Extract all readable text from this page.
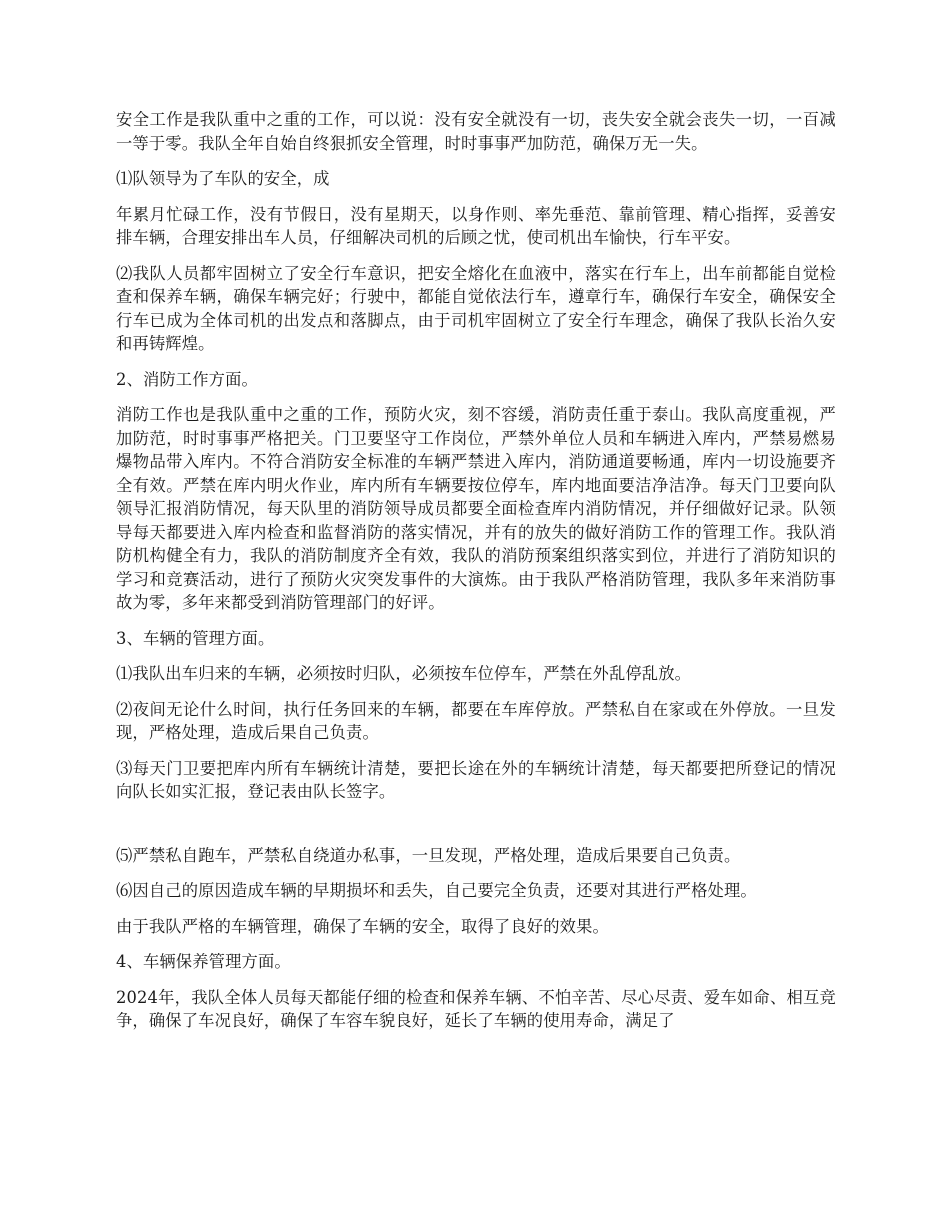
安全工作是我队重中之重的工作，可以说：没有安全就没有一切，丧失安全就会丧失一切，一百减一等于零。我队全年自始自终狠抓安全管理，时时事事严加防范，确保万无一失。

⑴队领导为了车队的安全，成

年累月忙碌工作，没有节假日，没有星期天，以身作则、率先垂范、靠前管理、精心指挥，妥善安排车辆，合理安排出车人员，仔细解决司机的后顾之忧，使司机出车愉快，行车平安。

⑵我队人员都牢固树立了安全行车意识，把安全熔化在血液中，落实在行车上，出车前都能自觉检查和保养车辆，确保车辆完好；行驶中，都能自觉依法行车，遵章行车，确保行车安全，确保安全行车已成为全体司机的出发点和落脚点，由于司机牢固树立了安全行车理念，确保了我队长治久安和再铸辉煌。

2、消防工作方面。

消防工作也是我队重中之重的工作，预防火灾，刻不容缓，消防责任重于泰山。我队高度重视，严加防范，时时事事严格把关。门卫要坚守工作岗位，严禁外单位人员和车辆进入库内，严禁易燃易爆物品带入库内。不符合消防安全标准的车辆严禁进入库内，消防通道要畅通，库内一切设施要齐全有效。严禁在库内明火作业，库内所有车辆要按位停车，库内地面要洁净洁净。每天门卫要向队领导汇报消防情况，每天队里的消防领导成员都要全面检查库内消防情况，并仔细做好记录。队领导每天都要进入库内检查和监督消防的落实情况，并有的放失的做好消防工作的管理工作。我队消防机构健全有力，我队的消防制度齐全有效，我队的消防预案组织落实到位，并进行了消防知识的学习和竞赛活动，进行了预防火灾突发事件的大演炼。由于我队严格消防管理，我队多年来消防事故为零，多年来都受到消防管理部门的好评。

3、车辆的管理方面。

⑴我队出车归来的车辆，必须按时归队，必须按车位停车，严禁在外乱停乱放。

⑵夜间无论什么时间，执行任务回来的车辆，都要在车库停放。严禁私自在家或在外停放。一旦发现，严格处理，造成后果自己负责。

⑶每天门卫要把库内所有车辆统计清楚，要把长途在外的车辆统计清楚，每天都要把所登记的情况向队长如实汇报，登记表由队长签字。

⑸严禁私自跑车，严禁私自绕道办私事，一旦发现，严格处理，造成后果要自己负责。

⑹因自己的原因造成车辆的早期损坏和丢失，自己要完全负责，还要对其进行严格处理。

由于我队严格的车辆管理，确保了车辆的安全，取得了良好的效果。

4、车辆保养管理方面。

2024年，我队全体人员每天都能仔细的检查和保养车辆、不怕辛苦、尽心尽责、爱车如命、相互竞争，确保了车况良好，确保了车容车貌良好，延长了车辆的使用寿命，满足了
